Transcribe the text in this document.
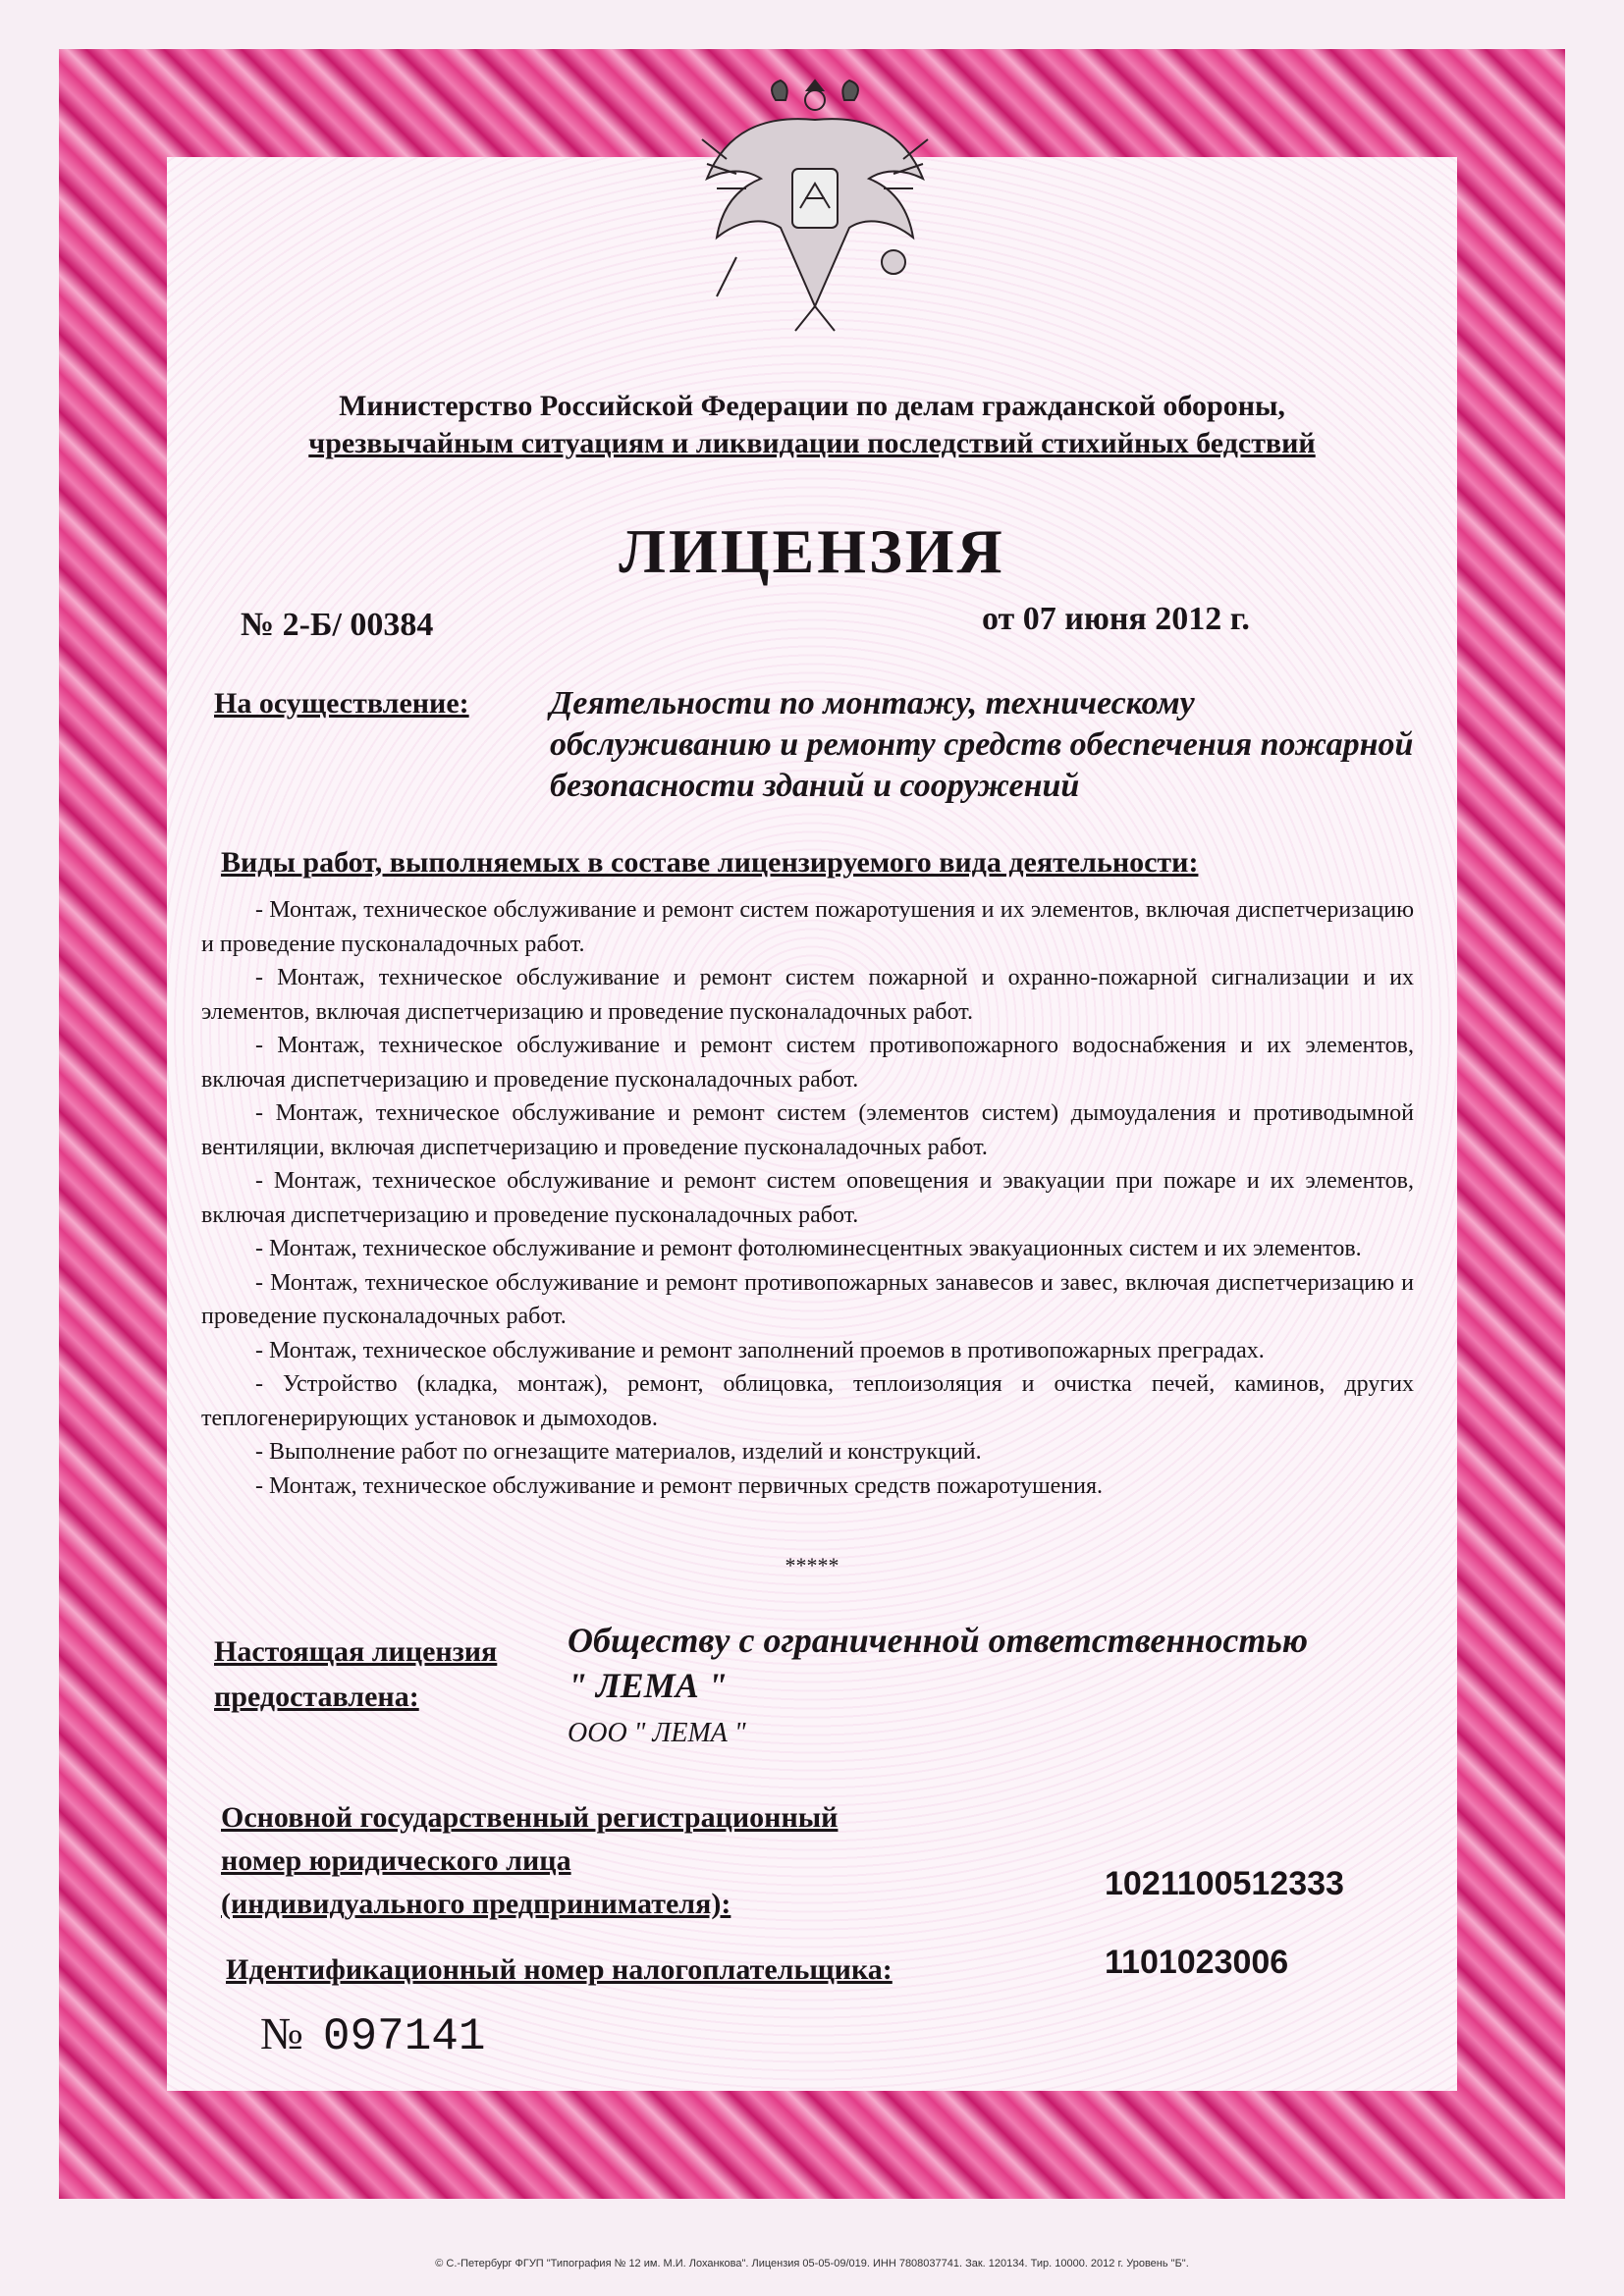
Министерство Российской Федерации по делам гражданской обороны,
чрезвычайным ситуациям и ликвидации последствий стихийных бедствий
ЛИЦЕНЗИЯ
№ 2-Б/ 00384	от 07 июня 2012 г.
На осуществление: Деятельности по монтажу, техническому обслуживанию и ремонту средств обеспечения пожарной безопасности зданий и сооружений
Виды работ, выполняемых в составе лицензируемого вида деятельности:

- Монтаж, техническое обслуживание и ремонт систем пожаротушения и их элементов, включая диспетчеризацию и проведение пусконаладочных работ.

- Монтаж, техническое обслуживание и ремонт систем пожарной и охранно-пожарной сигнализации и их элементов, включая диспетчеризацию и проведение пусконаладочных работ.

- Монтаж, техническое обслуживание и ремонт систем противопожарного водоснабжения и их элементов, включая диспетчеризацию и проведение пусконаладочных работ.

- Монтаж, техническое обслуживание и ремонт систем (элементов систем) дымоудаления и противодымной вентиляции, включая диспетчеризацию и проведение пусконаладочных работ.

- Монтаж, техническое обслуживание и ремонт систем оповещения и эвакуации при пожаре и их элементов, включая диспетчеризацию и проведение пусконаладочных работ.

- Монтаж, техническое обслуживание и ремонт фотолюминесцентных эвакуационных систем и их элементов.

- Монтаж, техническое обслуживание и ремонт противопожарных занавесов и завес, включая диспетчеризацию и проведение пусконаладочных работ.

- Монтаж, техническое обслуживание и ремонт заполнений проемов в противопожарных преградах.

- Устройство (кладка, монтаж), ремонт, облицовка, теплоизоляция и очистка печей, каминов, других теплогенерирующих установок и дымоходов.

- Выполнение работ по огнезащите материалов, изделий и конструкций.

- Монтаж, техническое обслуживание и ремонт первичных средств пожаротушения.

*****
Настоящая лицензия
предоставлена:
Обществу с ограниченной ответственностью
" ЛЕМА "
ООО " ЛЕМА "
Основной государственный регистрационный
номер юридического лица
(индивидуального предпринимателя):
1021100512333
Идентификационный номер налогоплательщика:	1101023006
№ 097141
© С.-Петербург ФГУП "Типография № 12 им. М.И. Лоханкова". Лицензия 05-05-09/019. ИНН 7808037741. Зак. 120134. Тир. 10000. 2012 г. Уровень "Б".
